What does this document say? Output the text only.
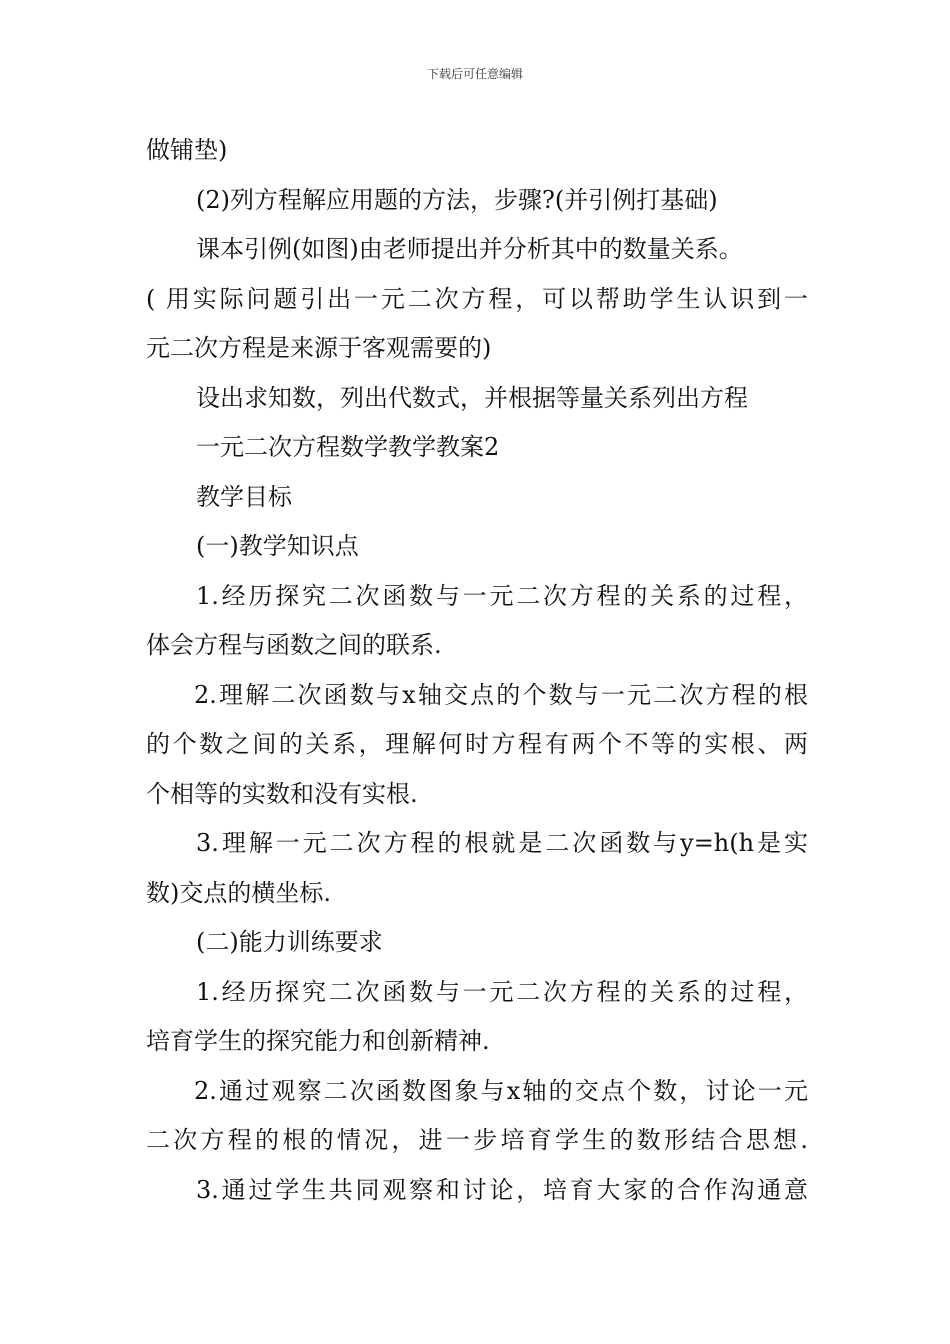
下载后可任意编辑
做铺垫)
(2)列方程解应用题的方法，步骤?(并引例打基础)
课本引例(如图)由老师提出并分析其中的数量关系。
( 用实际问题引出一元二次方程，可以帮助学生认识到一
元二次方程是来源于客观需要的)
设出求知数，列出代数式，并根据等量关系列出方程
一元二次方程数学教学教案2
教学目标
(一)教学知识点
1.经历探究二次函数与一元二次方程的关系的过程，
体会方程与函数之间的联系.
2.理解二次函数与x轴交点的个数与一元二次方程的根
的个数之间的关系，理解何时方程有两个不等的实根、两
个相等的实数和没有实根.
3.理解一元二次方程的根就是二次函数与y=h(h是实
数)交点的横坐标.
(二)能力训练要求
1.经历探究二次函数与一元二次方程的关系的过程，
培育学生的探究能力和创新精神.
2.通过观察二次函数图象与x轴的交点个数，讨论一元
二次方程的根的情况，进一步培育学生的数形结合思想.
3.通过学生共同观察和讨论，培育大家的合作沟通意
